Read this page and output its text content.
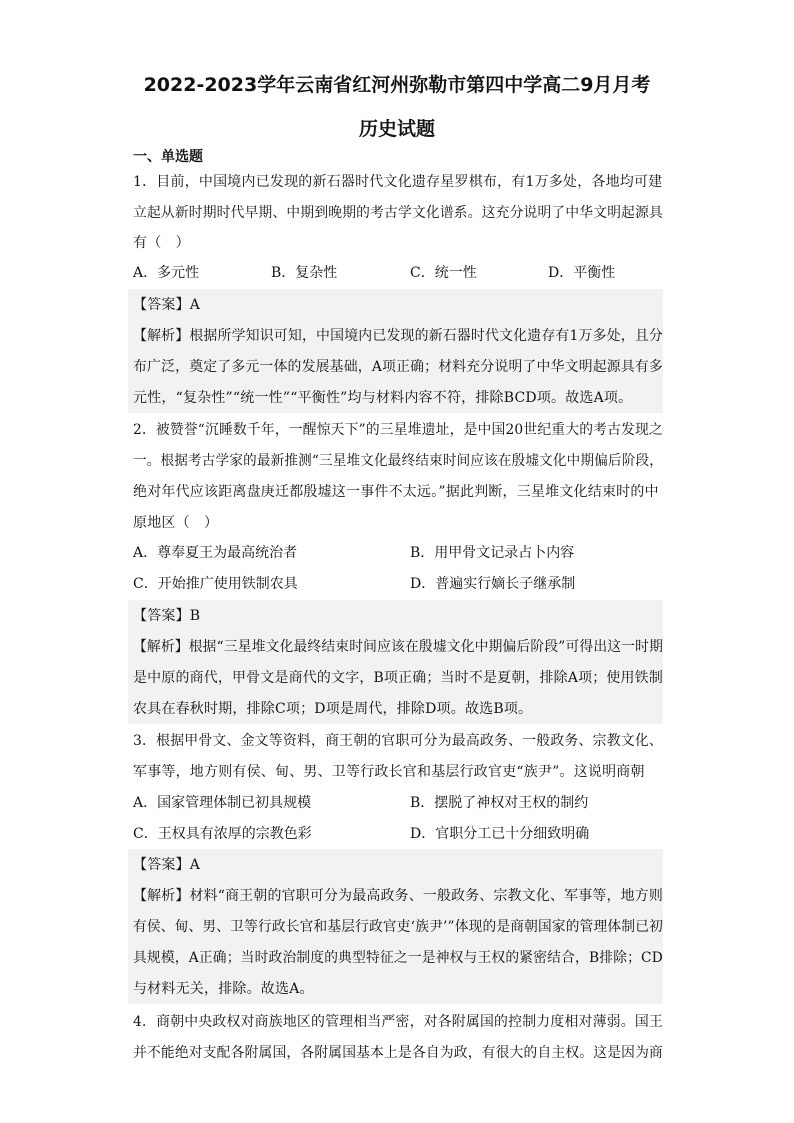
2022-2023学年云南省红河州弥勒市第四中学高二9月月考
历史试题
一、单选题
1．目前，中国境内已发现的新石器时代文化遗存星罗棋布，有1万多处，各地均可建
立起从新时期时代早期、中期到晚期的考古学文化谱系。这充分说明了中华文明起源具
有（　）
A．多元性	B．复杂性	C．统一性	D．平衡性
【答案】A
【解析】根据所学知识可知，中国境内已发现的新石器时代文化遗存有1万多处，且分
布广泛，奠定了多元一体的发展基础，A项正确；材料充分说明了中华文明起源具有多
元性，“复杂性”“统一性”“平衡性”均与材料内容不符，排除BCD项。故选A项。
2．被赞誉“沉睡数千年，一醒惊天下”的三星堆遗址，是中国20世纪重大的考古发现之
一。根据考古学家的最新推测“三星堆文化最终结束时间应该在殷墟文化中期偏后阶段，
绝对年代应该距离盘庚迁都殷墟这一事件不太远。”据此判断，三星堆文化结束时的中
原地区（　）
A．尊奉夏王为最高统治者	B．用甲骨文记录占卜内容
C．开始推广使用铁制农具	D．普遍实行嫡长子继承制
【答案】B
【解析】根据“三星堆文化最终结束时间应该在殷墟文化中期偏后阶段”可得出这一时期
是中原的商代，甲骨文是商代的文字，B项正确；当时不是夏朝，排除A项；使用铁制
农具在春秋时期，排除C项；D项是周代，排除D项。故选B项。
3．根据甲骨文、金文等资料，商王朝的官职可分为最高政务、一般政务、宗教文化、
军事等，地方则有侯、甸、男、卫等行政长官和基层行政官吏“族尹”。这说明商朝
A．国家管理体制已初具规模	B．摆脱了神权对王权的制约
C．王权具有浓厚的宗教色彩	D．官职分工已十分细致明确
【答案】A
【解析】材料“商王朝的官职可分为最高政务、一般政务、宗教文化、军事等，地方则
有侯、甸、男、卫等行政长官和基层行政官吏‘族尹’”体现的是商朝国家的管理体制已初
具规模，A正确；当时政治制度的典型特征之一是神权与王权的紧密结合，B排除；CD
与材料无关，排除。故选A。
4．商朝中央政权对商族地区的管理相当严密，对各附属国的控制力度相对薄弱。国王
并不能绝对支配各附属国，各附属国基本上是各自为政，有很大的自主权。这是因为商
